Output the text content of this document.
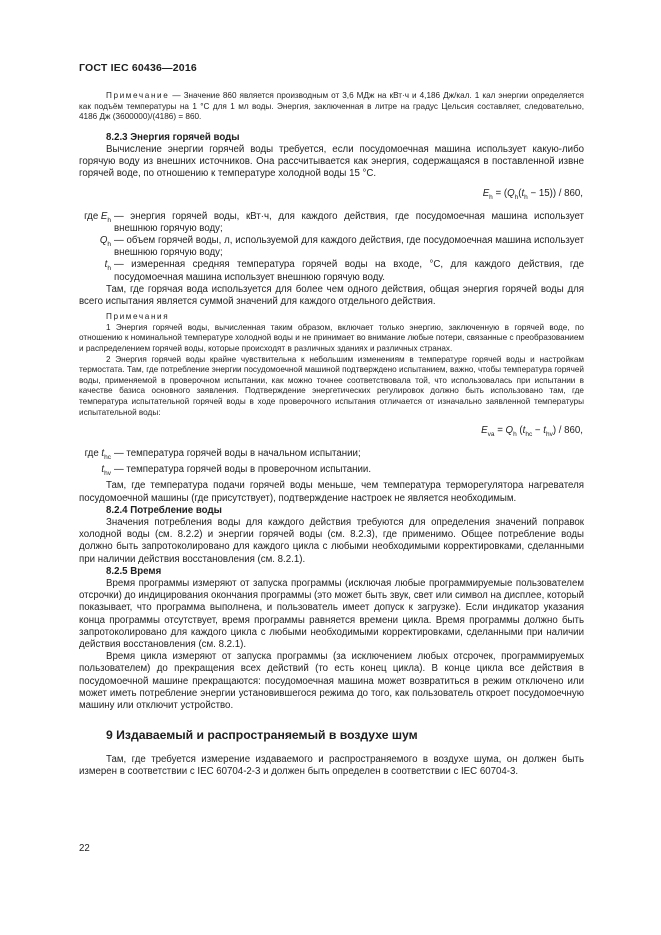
ГОСТ IEC 60436—2016

Примечание — Значение 860 является производным от 3,6 МДж на кВт·ч и 4,186 Дж/кал. 1 кал энергии определяется как подъём температуры на 1 °С для 1 мл воды. Энергия, заключенная в литре на градус Цельсия составляет, следовательно, 4186 Дж (3600000)/(4186) = 860.

8.2.3 Энергия горячей воды

Вычисление энергии горячей воды требуется, если посудомоечная машина использует какую-либо горячую воду из внешних источников. Она рассчитывается как энергия, содержащаяся в поставленной извне горячей воде, по отношению к температуре холодной воды 15 °С.

$E_h = (Q_h(t_h - 15)) / 860$,
где $E_h$ — энергия горячей воды, кВт·ч, для каждого действия, где посудомоечная машина использует внешнюю горячую воду;
$Q_h$ — объем горячей воды, л, используемой для каждого действия, где посудомоечная машина использует внешнюю горячую воду;
$t_h$ — измеренная средняя температура горячей воды на входе, °С, для каждого действия, где посудомоечная машина использует внешнюю горячую воду.

Там, где горячая вода используется для более чем одного действия, общая энергия горячей воды для всего испытания является суммой значений для каждого отдельного действия.

Примечания

1 Энергия горячей воды, вычисленная таким образом, включает только энергию, заключенную в горячей воде, по отношению к номинальной температуре холодной воды и не принимает во внимание любые потери, связанные с преобразованием и распределением горячей воды, которые происходят в различных зданиях и различных странах.

2 Энергия горячей воды крайне чувствительна к небольшим изменениям в температуре горячей воды и настройкам термостата. Там, где потребление энергии посудомоечной машиной подтверждено испытанием, важно, чтобы температура горячей воды, применяемой в проверочном испытании, как можно точнее соответствовала той, что использовалась при испытании в качестве базиса основного заявления. Подтверждение энергетических регулировок должно быть использовано там, где температура испытательной горячей воды в ходе проверочного испытания отличается от изначально заявленной температуры испытательной воды:

$E_{va} = Q_h$ $(t_{hc} - t_{hv}) / 860$,
где $t_{hc}$ — температура горячей воды в начальном испытании;
$t_{hv}$ — температура горячей воды в проверочном испытании.

Там, где температура подачи горячей воды меньше, чем температура терморегулятора нагревателя посудомоечной машины (где присутствует), подтверждение настроек не является необходимым.

8.2.4 Потребление воды

Значения потребления воды для каждого действия требуются для определения значений поправок холодной воды (см. 8.2.2) и энергии горячей воды (см. 8.2.3), где применимо. Общее потребление воды должно быть запротоколировано для каждого цикла с любыми необходимыми корректировками, сделанными при наличии действия восстановления (см. 8.2.1).

8.2.5 Время

Время программы измеряют от запуска программы (исключая любые программируемые пользователем отсрочки) до индицирования окончания программы (это может быть звук, свет или символ на дисплее, который показывает, что программа выполнена, и пользователь имеет допуск к загрузке). Если индикатор указания конца программы отсутствует, время программы равняется времени цикла. Время программы должно быть запротоколировано для каждого цикла с любыми необходимыми корректировками, сделанными при наличии действия восстановления (см. 8.2.1).

Время цикла измеряют от запуска программы (за исключением любых отсрочек, программируемых пользователем) до прекращения всех действий (то есть конец цикла). В конце цикла все действия в посудомоечной машине прекращаются: посудомоечная машина может возвратиться в режим отключено или может иметь потребление энергии установившегося режима до того, как пользователь откроет посудомоечную машину или отключит устройство.

9 Издаваемый и распространяемый в воздухе шум

Там, где требуется измерение издаваемого и распространяемого в воздухе шума, он должен быть измерен в соответствии с IEC 60704-2-3 и должен быть определен в соответствии с IEC 60704-3.

22
